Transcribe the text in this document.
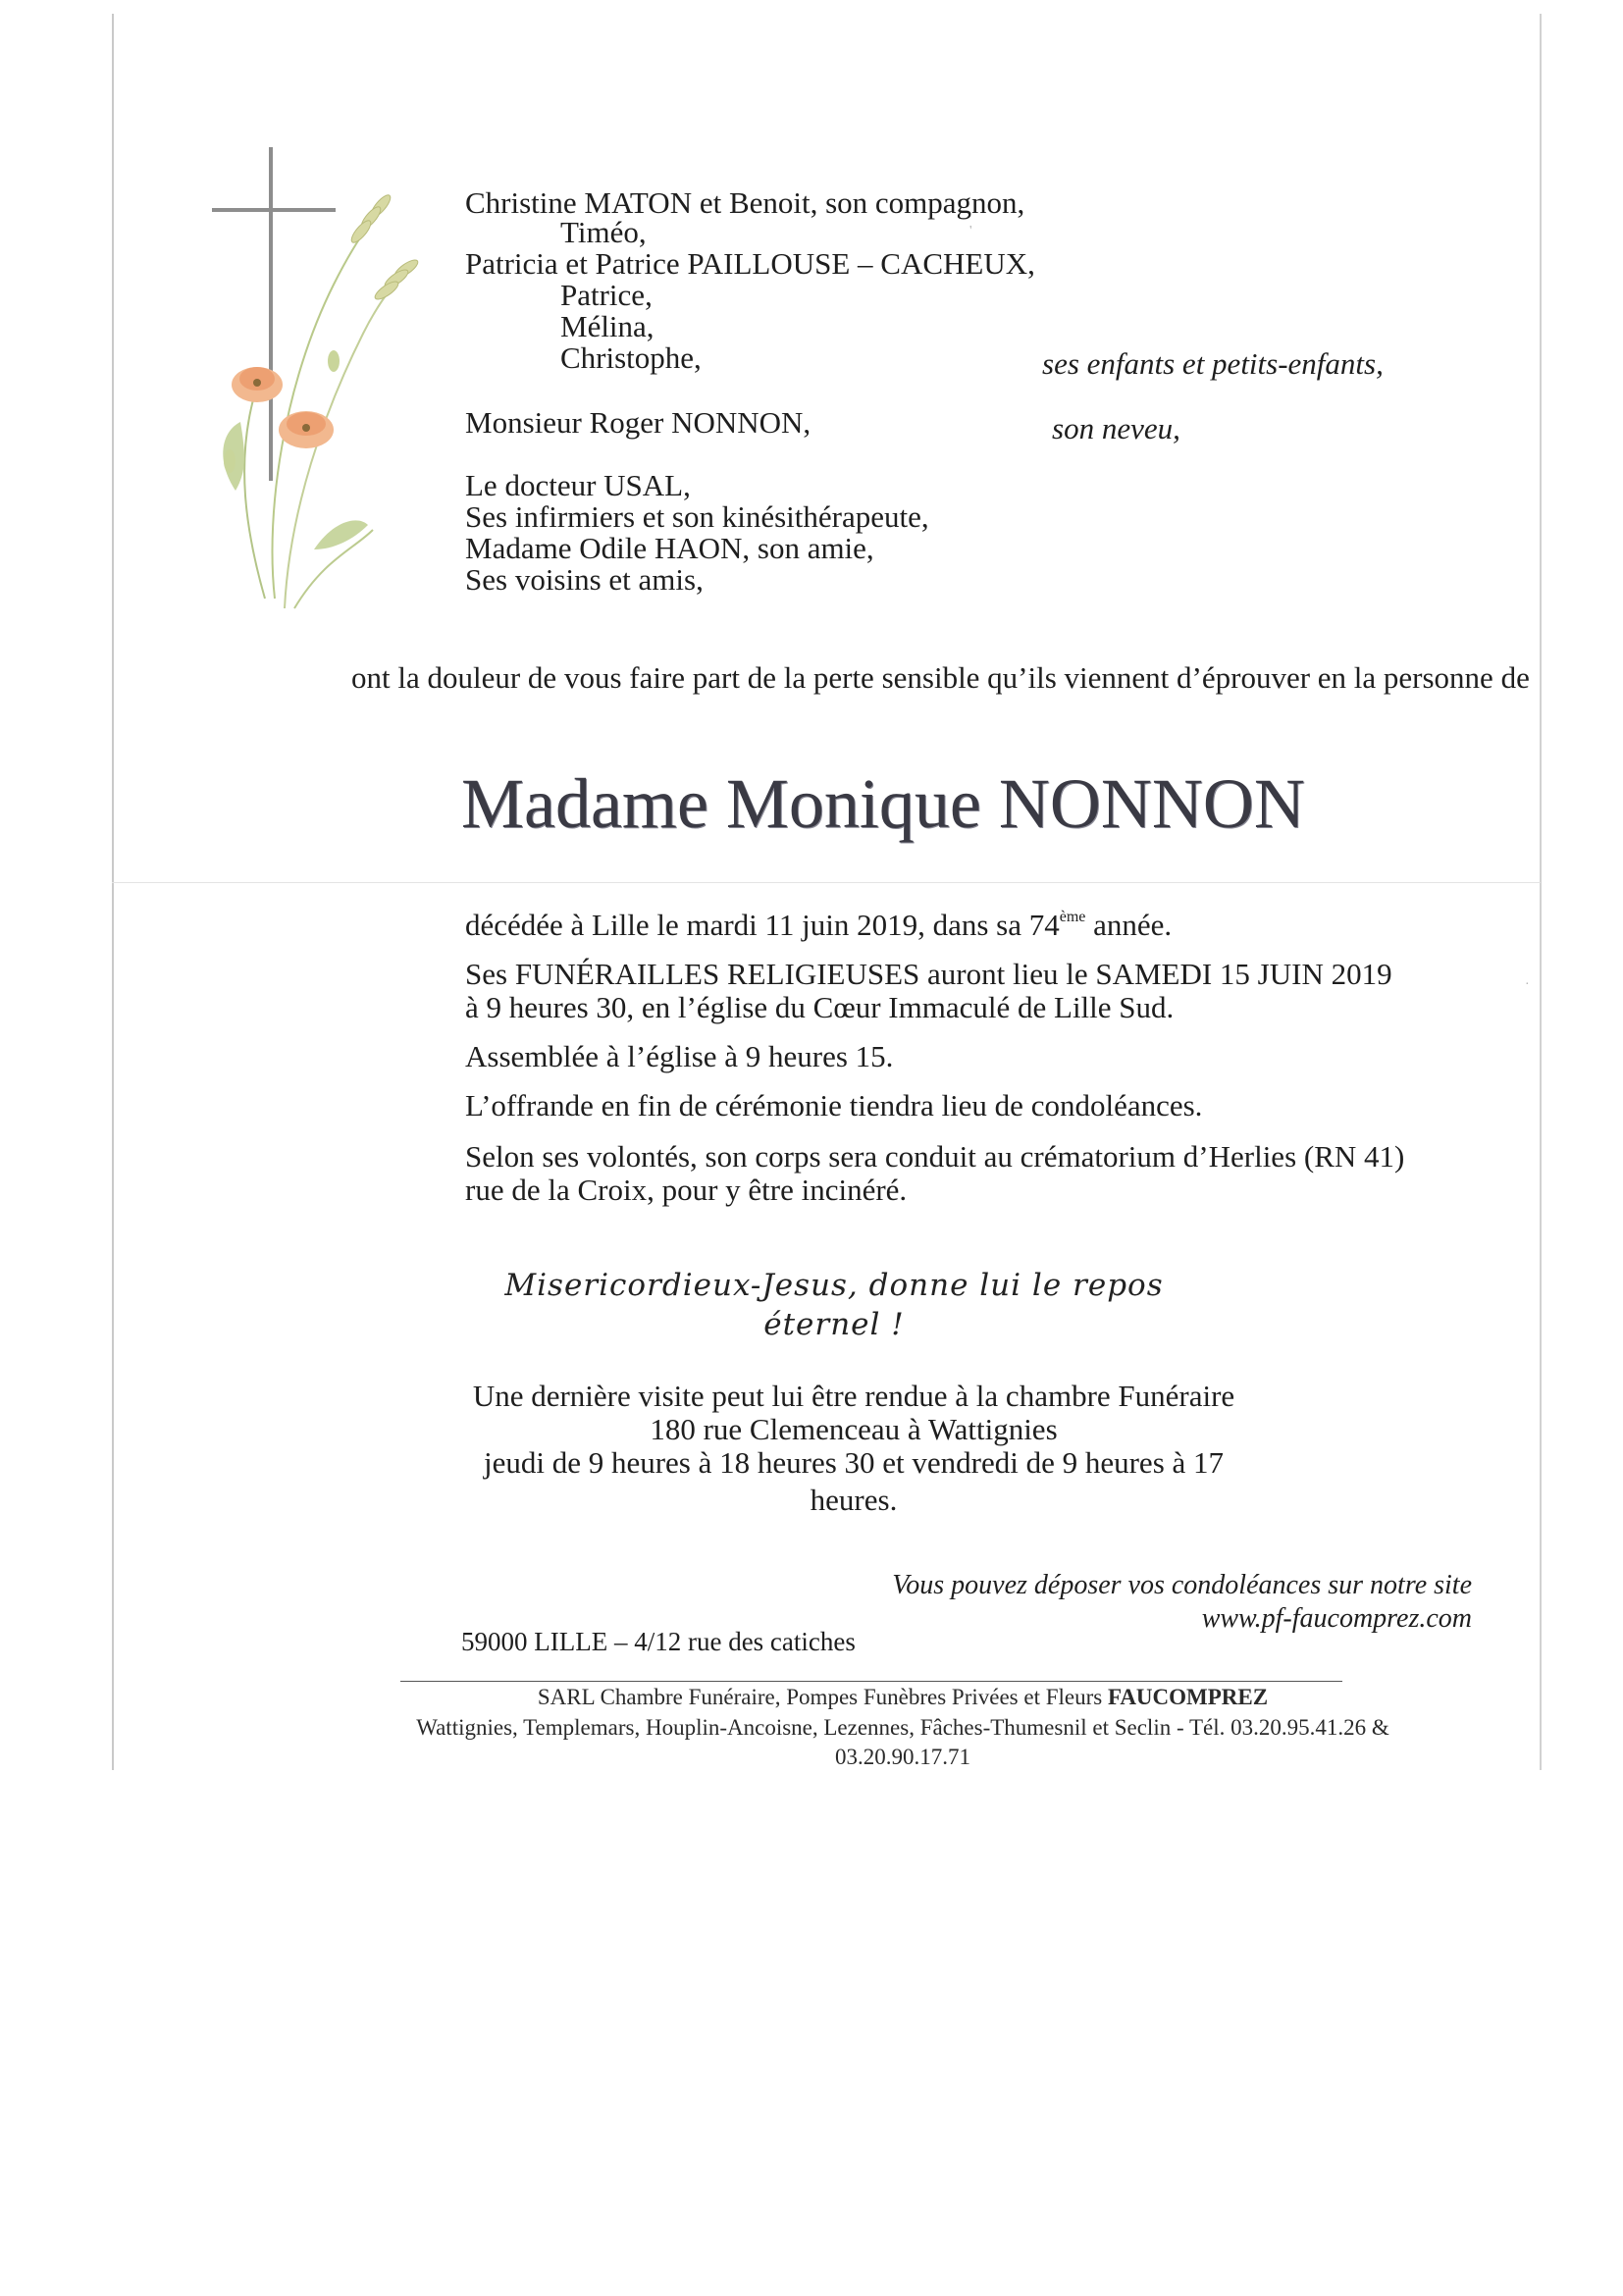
'
Christine MATON et Benoit, son compagnon,
Timéo,
Patricia et Patrice PAILLOUSE – CACHEUX,
Patrice,
Mélina,
Christophe,	ses enfants et petits-enfants,
Monsieur Roger NONNON,	son neveu,
Le docteur USAL,
Ses infirmiers et son kinésithérapeute,
Madame Odile HAON, son amie,
Ses voisins et amis,
ont la douleur de vous faire part de la perte sensible qu’ils viennent d’éprouver en la personne de
Madame Monique NONNON
décédée à Lille le mardi 11 juin 2019, dans sa 74ème année.
Ses FUNÉRAILLES RELIGIEUSES auront lieu le SAMEDI 15 JUIN 2019
à 9 heures 30, en l’église du Cœur Immaculé de Lille Sud.
Assemblée à l’église à 9 heures 15.
L’offrande en fin de cérémonie tiendra lieu de condoléances.
Selon ses volontés, son corps sera conduit au crématorium d’Herlies (RN 41)
rue de la Croix, pour y être incinéré.
·
Misericordieux-Jesus, donne lui le repos éternel !
Une dernière visite peut lui être rendue à la chambre Funéraire
180 rue Clemenceau à Wattignies
jeudi de 9 heures à 18 heures 30 et vendredi de 9 heures à 17 heures.
Vous pouvez déposer vos condoléances sur notre site
www.pf-faucomprez.com
59000 LILLE – 4/12 rue des catiches
SARL Chambre Funéraire, Pompes Funèbres Privées et Fleurs FAUCOMPREZ
Wattignies, Templemars, Houplin-Ancoisne, Lezennes, Fâches-Thumesnil et Seclin - Tél. 03.20.95.41.26 & 03.20.90.17.71
